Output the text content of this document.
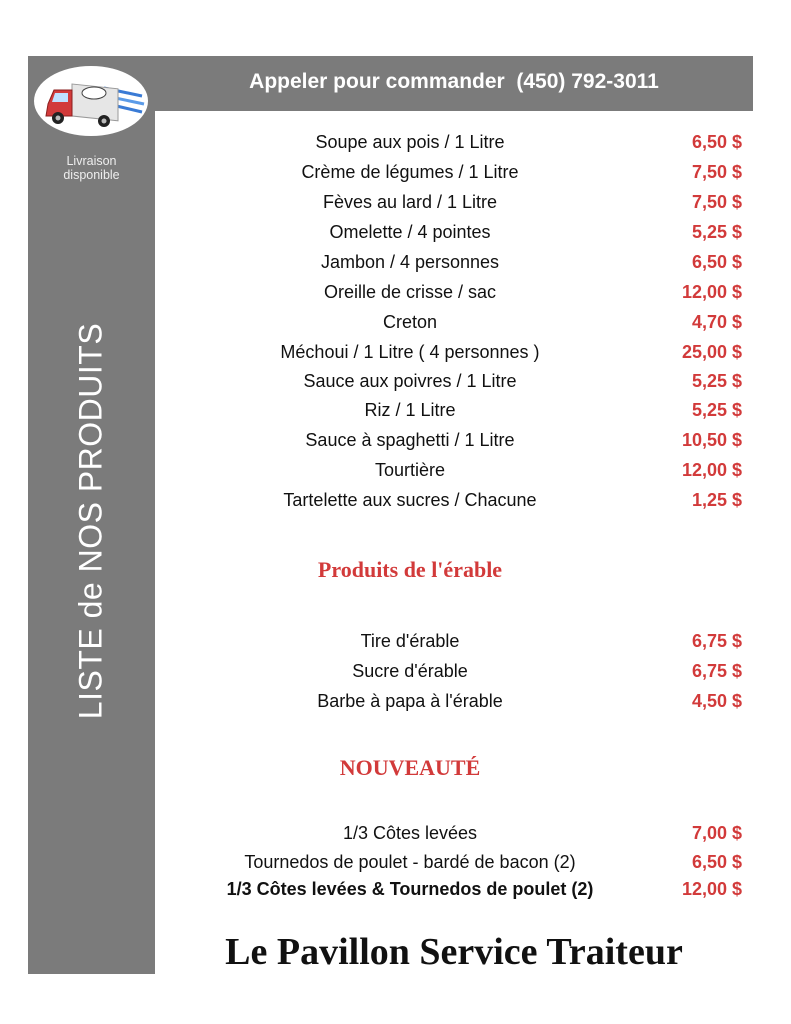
Livraison
disponible
LISTE de NOS PRODUITS
Appeler pour commander  (450) 792-3011
Soupe aux pois / 1 Litre	6,50 $
Crème de légumes / 1 Litre	7,50 $
Fèves au lard / 1 Litre	7,50 $
Omelette / 4 pointes	5,25 $
Jambon / 4 personnes	6,50 $
Oreille de crisse / sac	12,00 $
Creton	4,70 $
Méchoui / 1 Litre ( 4 personnes )	25,00 $
Sauce aux poivres / 1 Litre	5,25 $
Riz / 1 Litre	5,25 $
Sauce à spaghetti / 1 Litre	10,50 $
Tourtière	12,00 $
Tartelette aux sucres / Chacune	1,25 $
Produits de l'érable
Tire d'érable	6,75 $
Sucre d'érable	6,75 $
Barbe à papa à l'érable	4,50 $
NOUVEAUTÉ
1/3 Côtes levées	7,00 $
Tournedos de poulet - bardé de bacon (2)	6,50 $
1/3 Côtes levées & Tournedos de poulet (2)	12,00 $
Le Pavillon Service Traiteur
